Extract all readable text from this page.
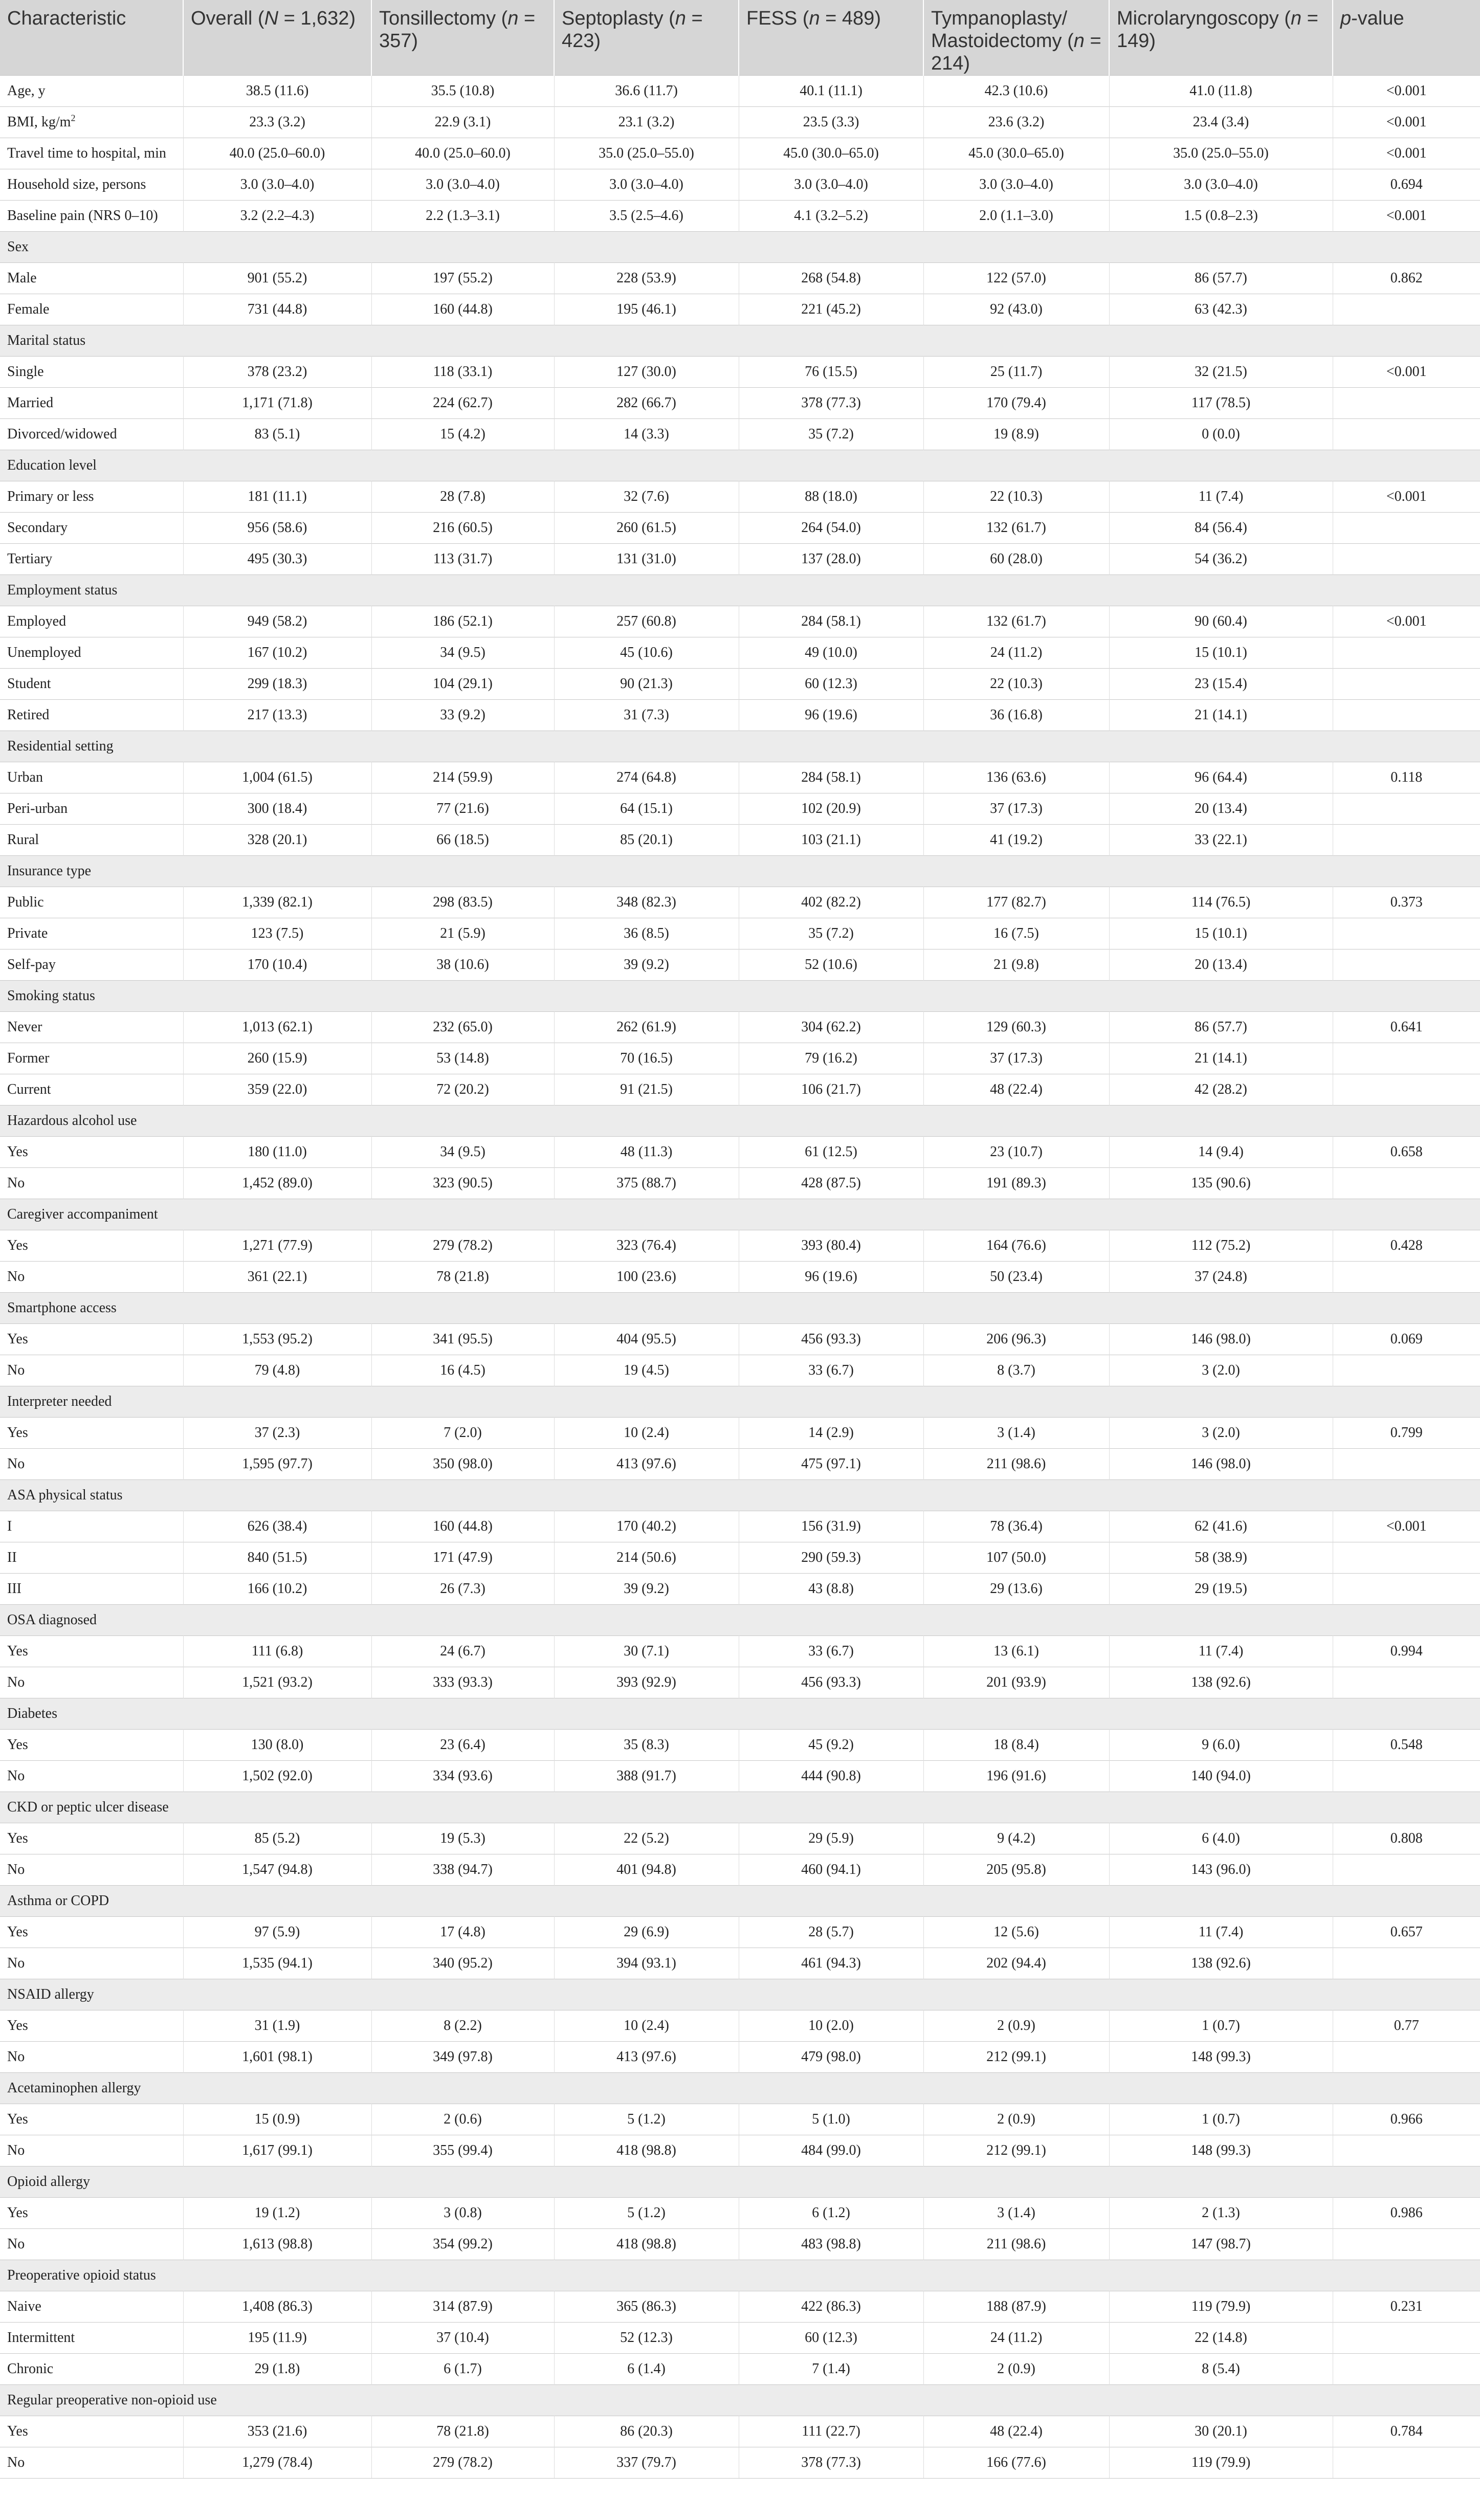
Characteristic	Overall (N = 1,632)	Tonsillectomy (n = 357)	Septoplasty (n = 423)	FESS (n = 489)	Tympanoplasty/ Mastoidectomy (n = 214)	Microlaryngoscopy (n = 149)	p-value
Age, y	38.5 (11.6)	35.5 (10.8)	36.6 (11.7)	40.1 (11.1)	42.3 (10.6)	41.0 (11.8)	<0.001
BMI, $kg/m^2$	23.3 (3.2)	22.9 (3.1)	23.1 (3.2)	23.5 (3.3)	23.6 (3.2)	23.4 (3.4)	<0.001
Travel time to hospital, min	40.0 (25.0–60.0)	40.0 (25.0–60.0)	35.0 (25.0–55.0)	45.0 (30.0–65.0)	45.0 (30.0–65.0)	35.0 (25.0–55.0)	<0.001
Household size, persons	3.0 (3.0–4.0)	3.0 (3.0–4.0)	3.0 (3.0–4.0)	3.0 (3.0–4.0)	3.0 (3.0–4.0)	3.0 (3.0–4.0)	0.694
Baseline pain (NRS 0–10)	3.2 (2.2–4.3)	2.2 (1.3–3.1)	3.5 (2.5–4.6)	4.1 (3.2–5.2)	2.0 (1.1–3.0)	1.5 (0.8–2.3)	<0.001
Sex							
Male	901 (55.2)	197 (55.2)	228 (53.9)	268 (54.8)	122 (57.0)	86 (57.7)	0.862
Female	731 (44.8)	160 (44.8)	195 (46.1)	221 (45.2)	92 (43.0)	63 (42.3)	
Marital status							
Single	378 (23.2)	118 (33.1)	127 (30.0)	76 (15.5)	25 (11.7)	32 (21.5)	<0.001
Married	1,171 (71.8)	224 (62.7)	282 (66.7)	378 (77.3)	170 (79.4)	117 (78.5)	
Divorced/widowed	83 (5.1)	15 (4.2)	14 (3.3)	35 (7.2)	19 (8.9)	0 (0.0)	
Education level							
Primary or less	181 (11.1)	28 (7.8)	32 (7.6)	88 (18.0)	22 (10.3)	11 (7.4)	<0.001
Secondary	956 (58.6)	216 (60.5)	260 (61.5)	264 (54.0)	132 (61.7)	84 (56.4)	
Tertiary	495 (30.3)	113 (31.7)	131 (31.0)	137 (28.0)	60 (28.0)	54 (36.2)	
Employment status							
Employed	949 (58.2)	186 (52.1)	257 (60.8)	284 (58.1)	132 (61.7)	90 (60.4)	<0.001
Unemployed	167 (10.2)	34 (9.5)	45 (10.6)	49 (10.0)	24 (11.2)	15 (10.1)	
Student	299 (18.3)	104 (29.1)	90 (21.3)	60 (12.3)	22 (10.3)	23 (15.4)	
Retired	217 (13.3)	33 (9.2)	31 (7.3)	96 (19.6)	36 (16.8)	21 (14.1)	
Residential setting							
Urban	1,004 (61.5)	214 (59.9)	274 (64.8)	284 (58.1)	136 (63.6)	96 (64.4)	0.118
Peri-urban	300 (18.4)	77 (21.6)	64 (15.1)	102 (20.9)	37 (17.3)	20 (13.4)	
Rural	328 (20.1)	66 (18.5)	85 (20.1)	103 (21.1)	41 (19.2)	33 (22.1)	
Insurance type							
Public	1,339 (82.1)	298 (83.5)	348 (82.3)	402 (82.2)	177 (82.7)	114 (76.5)	0.373
Private	123 (7.5)	21 (5.9)	36 (8.5)	35 (7.2)	16 (7.5)	15 (10.1)	
Self-pay	170 (10.4)	38 (10.6)	39 (9.2)	52 (10.6)	21 (9.8)	20 (13.4)	
Smoking status							
Never	1,013 (62.1)	232 (65.0)	262 (61.9)	304 (62.2)	129 (60.3)	86 (57.7)	0.641
Former	260 (15.9)	53 (14.8)	70 (16.5)	79 (16.2)	37 (17.3)	21 (14.1)	
Current	359 (22.0)	72 (20.2)	91 (21.5)	106 (21.7)	48 (22.4)	42 (28.2)	
Hazardous alcohol use							
Yes	180 (11.0)	34 (9.5)	48 (11.3)	61 (12.5)	23 (10.7)	14 (9.4)	0.658
No	1,452 (89.0)	323 (90.5)	375 (88.7)	428 (87.5)	191 (89.3)	135 (90.6)	
Caregiver accompaniment							
Yes	1,271 (77.9)	279 (78.2)	323 (76.4)	393 (80.4)	164 (76.6)	112 (75.2)	0.428
No	361 (22.1)	78 (21.8)	100 (23.6)	96 (19.6)	50 (23.4)	37 (24.8)	
Smartphone access							
Yes	1,553 (95.2)	341 (95.5)	404 (95.5)	456 (93.3)	206 (96.3)	146 (98.0)	0.069
No	79 (4.8)	16 (4.5)	19 (4.5)	33 (6.7)	8 (3.7)	3 (2.0)	
Interpreter needed							
Yes	37 (2.3)	7 (2.0)	10 (2.4)	14 (2.9)	3 (1.4)	3 (2.0)	0.799
No	1,595 (97.7)	350 (98.0)	413 (97.6)	475 (97.1)	211 (98.6)	146 (98.0)	
ASA physical status							
I	626 (38.4)	160 (44.8)	170 (40.2)	156 (31.9)	78 (36.4)	62 (41.6)	<0.001
II	840 (51.5)	171 (47.9)	214 (50.6)	290 (59.3)	107 (50.0)	58 (38.9)	
III	166 (10.2)	26 (7.3)	39 (9.2)	43 (8.8)	29 (13.6)	29 (19.5)	
OSA diagnosed							
Yes	111 (6.8)	24 (6.7)	30 (7.1)	33 (6.7)	13 (6.1)	11 (7.4)	0.994
No	1,521 (93.2)	333 (93.3)	393 (92.9)	456 (93.3)	201 (93.9)	138 (92.6)	
Diabetes							
Yes	130 (8.0)	23 (6.4)	35 (8.3)	45 (9.2)	18 (8.4)	9 (6.0)	0.548
No	1,502 (92.0)	334 (93.6)	388 (91.7)	444 (90.8)	196 (91.6)	140 (94.0)	
CKD or peptic ulcer disease							
Yes	85 (5.2)	19 (5.3)	22 (5.2)	29 (5.9)	9 (4.2)	6 (4.0)	0.808
No	1,547 (94.8)	338 (94.7)	401 (94.8)	460 (94.1)	205 (95.8)	143 (96.0)	
Asthma or COPD							
Yes	97 (5.9)	17 (4.8)	29 (6.9)	28 (5.7)	12 (5.6)	11 (7.4)	0.657
No	1,535 (94.1)	340 (95.2)	394 (93.1)	461 (94.3)	202 (94.4)	138 (92.6)	
NSAID allergy							
Yes	31 (1.9)	8 (2.2)	10 (2.4)	10 (2.0)	2 (0.9)	1 (0.7)	0.77
No	1,601 (98.1)	349 (97.8)	413 (97.6)	479 (98.0)	212 (99.1)	148 (99.3)	
Acetaminophen allergy							
Yes	15 (0.9)	2 (0.6)	5 (1.2)	5 (1.0)	2 (0.9)	1 (0.7)	0.966
No	1,617 (99.1)	355 (99.4)	418 (98.8)	484 (99.0)	212 (99.1)	148 (99.3)	
Opioid allergy							
Yes	19 (1.2)	3 (0.8)	5 (1.2)	6 (1.2)	3 (1.4)	2 (1.3)	0.986
No	1,613 (98.8)	354 (99.2)	418 (98.8)	483 (98.8)	211 (98.6)	147 (98.7)	
Preoperative opioid status							
Naive	1,408 (86.3)	314 (87.9)	365 (86.3)	422 (86.3)	188 (87.9)	119 (79.9)	0.231
Intermittent	195 (11.9)	37 (10.4)	52 (12.3)	60 (12.3)	24 (11.2)	22 (14.8)	
Chronic	29 (1.8)	6 (1.7)	6 (1.4)	7 (1.4)	2 (0.9)	8 (5.4)	
Regular preoperative non-opioid use							
Yes	353 (21.6)	78 (21.8)	86 (20.3)	111 (22.7)	48 (22.4)	30 (20.1)	0.784
No	1,279 (78.4)	279 (78.2)	337 (79.7)	378 (77.3)	166 (77.6)	119 (79.9)	
